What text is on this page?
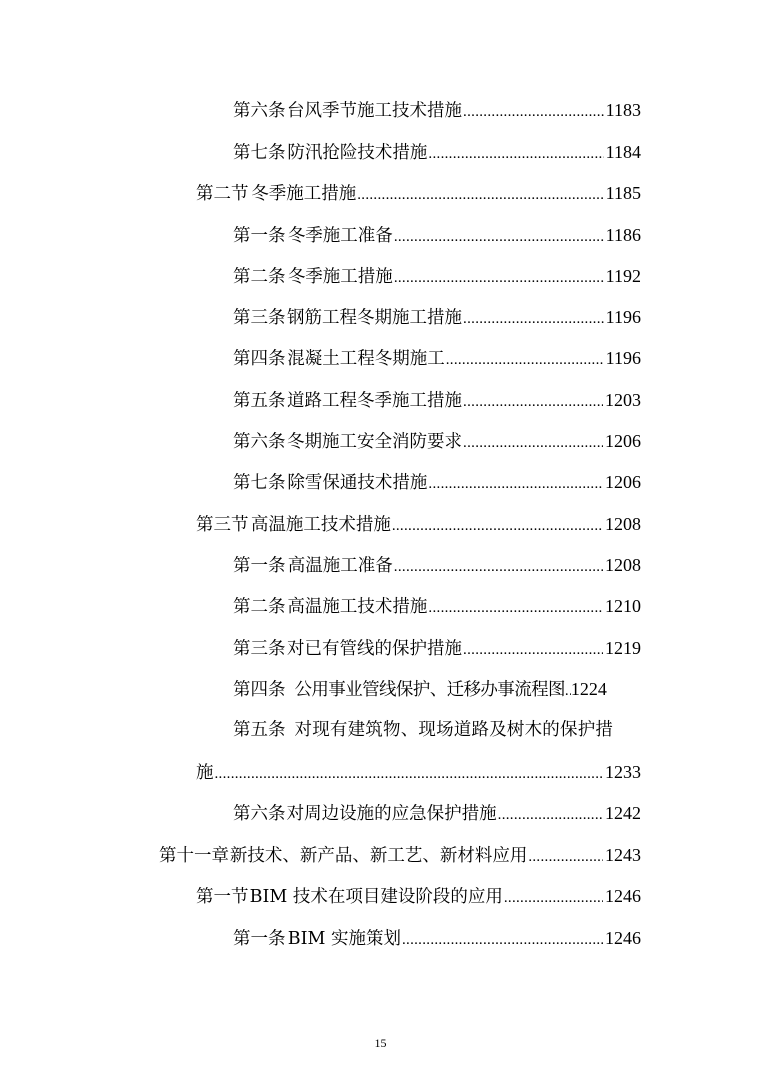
第六条 台风季节施工技术措施 .....	1183
第七条 防汛抢险技术措施 .....	1184
第二节 冬季施工措施 .....	1185
第一条 冬季施工准备 .....	1186
第二条 冬季施工措施 .....	1192
第三条 钢筋工程冬期施工措施 .....	1196
第四条 混凝土工程冬期施工 .....	1196
第五条 道路工程冬季施工措施 .....	1203
第六条 冬期施工安全消防要求 .....	1206
第七条 除雪保通技术措施 .....	1206
第三节 高温施工技术措施 .....	1208
第一条 高温施工准备 .....	1208
第二条 高温施工技术措施 .....	1210
第三条 对已有管线的保护措施 .....	1219
第四条 公用事业管线保护、迁移办事流程图 ..... 1224
第五条 对现有建筑物、现场道路及树木的保护措
施 .....	1233
第六条 对周边设施的应急保护措施 .....	1242
第十一章 新技术、新产品、新工艺、新材料应用 .....	1243
第一节 BIM 技术在项目建设阶段的应用 .....	1246
第一条 BIM 实施策划 .....	1246
15
